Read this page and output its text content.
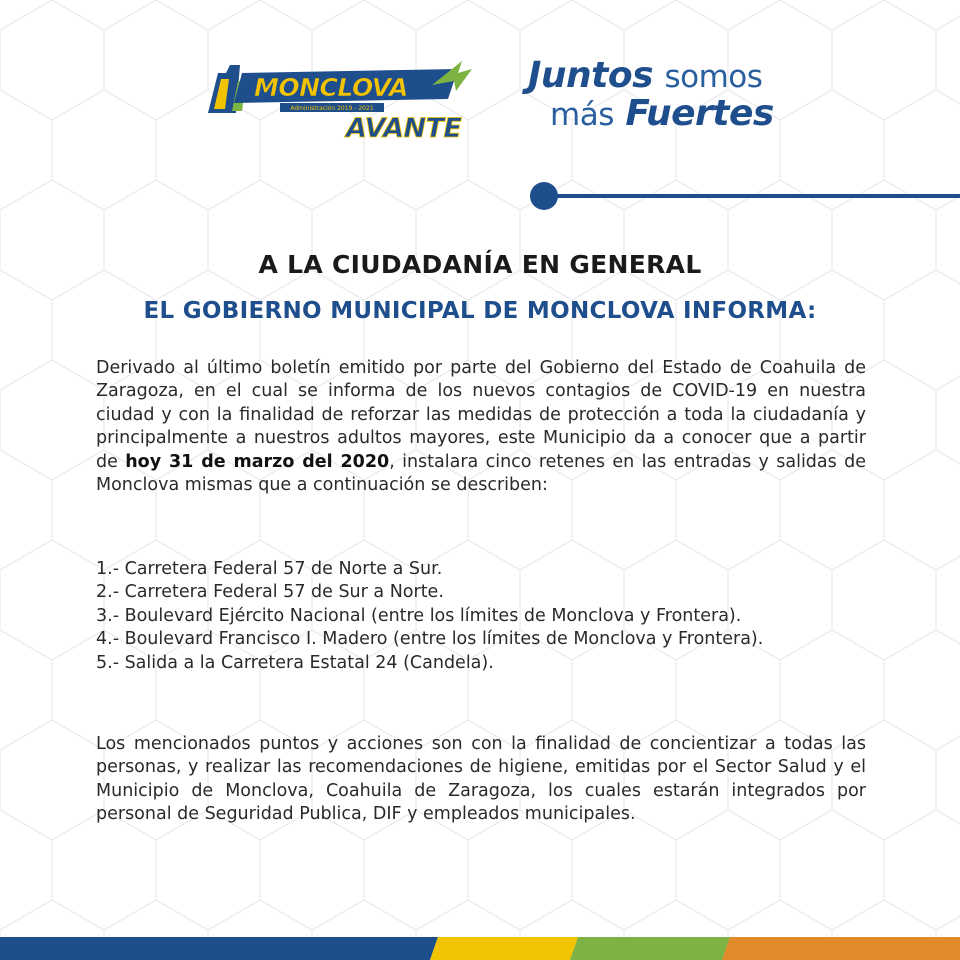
MONCLOVA
Administración 2019 - 2021
AVANTE
Juntos somos
más Fuertes
A LA CIUDADANÍA EN GENERAL
EL GOBIERNO MUNICIPAL DE MONCLOVA INFORMA:
Derivado al último boletín emitido por parte del Gobierno del Estado de Coahuila de Zaragoza, en el cual se informa de los nuevos contagios de COVID-19 en nuestra ciudad y con la finalidad de reforzar las medidas de protección a toda la ciudadanía y principalmente a nuestros adultos mayores, este Municipio da a conocer que a partir de hoy 31 de marzo del 2020, instalara cinco retenes en las entradas y salidas de Monclova mismas que a continuación se describen:
1.- Carretera Federal 57 de Norte a Sur.
2.- Carretera Federal 57 de Sur a Norte.
3.- Boulevard Ejército Nacional (entre los límites de Monclova y Frontera).
4.- Boulevard Francisco I. Madero (entre los límites de Monclova y Frontera).
5.- Salida a la Carretera Estatal 24 (Candela).
Los mencionados puntos y acciones son con la finalidad de concientizar a todas las personas, y realizar las recomendaciones de higiene, emitidas por el Sector Salud y el Municipio de Monclova, Coahuila de Zaragoza, los cuales estarán integrados por personal de Seguridad Publica, DIF y empleados municipales.
